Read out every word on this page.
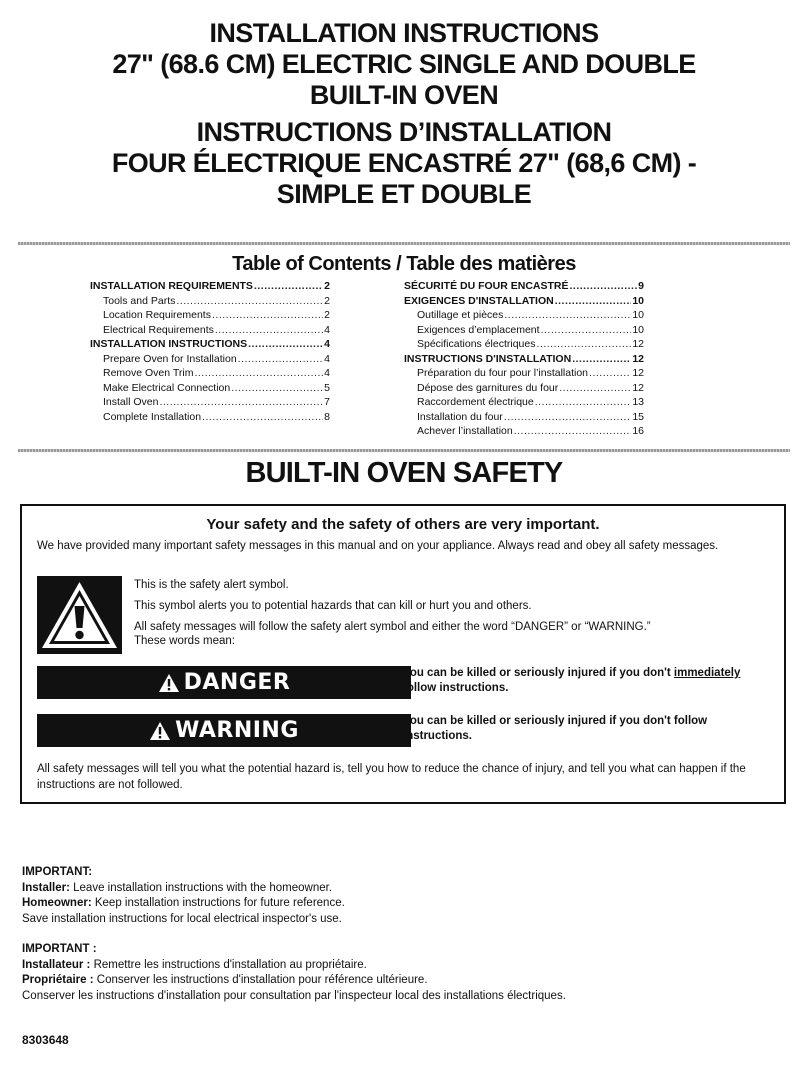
INSTALLATION INSTRUCTIONS

27" (68.6 CM) ELECTRIC SINGLE AND DOUBLE

BUILT-IN OVEN

INSTRUCTIONS D’INSTALLATION

FOUR ÉLECTRIQUE ENCASTRÉ 27" (68,6 CM) -

SIMPLE ET DOUBLE

Table of Contents / Table des matières
INSTALLATION REQUIREMENTS .....	2
Tools and Parts .....	2
Location Requirements .....	2
Electrical Requirements .....	4
INSTALLATION INSTRUCTIONS .....	4
Prepare Oven for Installation .....	4
Remove Oven Trim .....	4
Make Electrical Connection .....	5
Install Oven .....	7
Complete Installation .....	8
SÉCURITÉ DU FOUR ENCASTRÉ .....	9
EXIGENCES D'INSTALLATION .....	10
Outillage et pièces .....	10
Exigences d’emplacement .....	10
Spécifications électriques .....	12
INSTRUCTIONS D'INSTALLATION .....	12
Préparation du four pour l’installation .....	12
Dépose des garnitures du four .....	12
Raccordement électrique .....	13
Installation du four .....	15
Achever l’installation .....	16
BUILT-IN OVEN SAFETY
Your safety and the safety of others are very important.
We have provided many important safety messages in this manual and on your appliance. Always read and obey all safety messages.

This is the safety alert symbol.

This symbol alerts you to potential hazards that can kill or hurt you and others.

All safety messages will follow the safety alert symbol and either the word “DANGER” or “WARNING.”

These words mean:

DANGER	You can be killed or seriously injured if you don't immediately
follow instructions.
WARNING	You can be killed or seriously injured if you don't follow
instructions.
All safety messages will tell you what the potential hazard is, tell you how to reduce the chance of injury, and tell you what can happen if the instructions are not followed.

IMPORTANT:

Installer: Leave installation instructions with the homeowner.

Homeowner: Keep installation instructions for future reference.

Save installation instructions for local electrical inspector's use.

IMPORTANT :

Installateur : Remettre les instructions d'installation au propriétaire.

Propriétaire : Conserver les instructions d'installation pour référence ultérieure.

Conserver les instructions d'installation pour consultation par l'inspecteur local des installations électriques.

8303648
